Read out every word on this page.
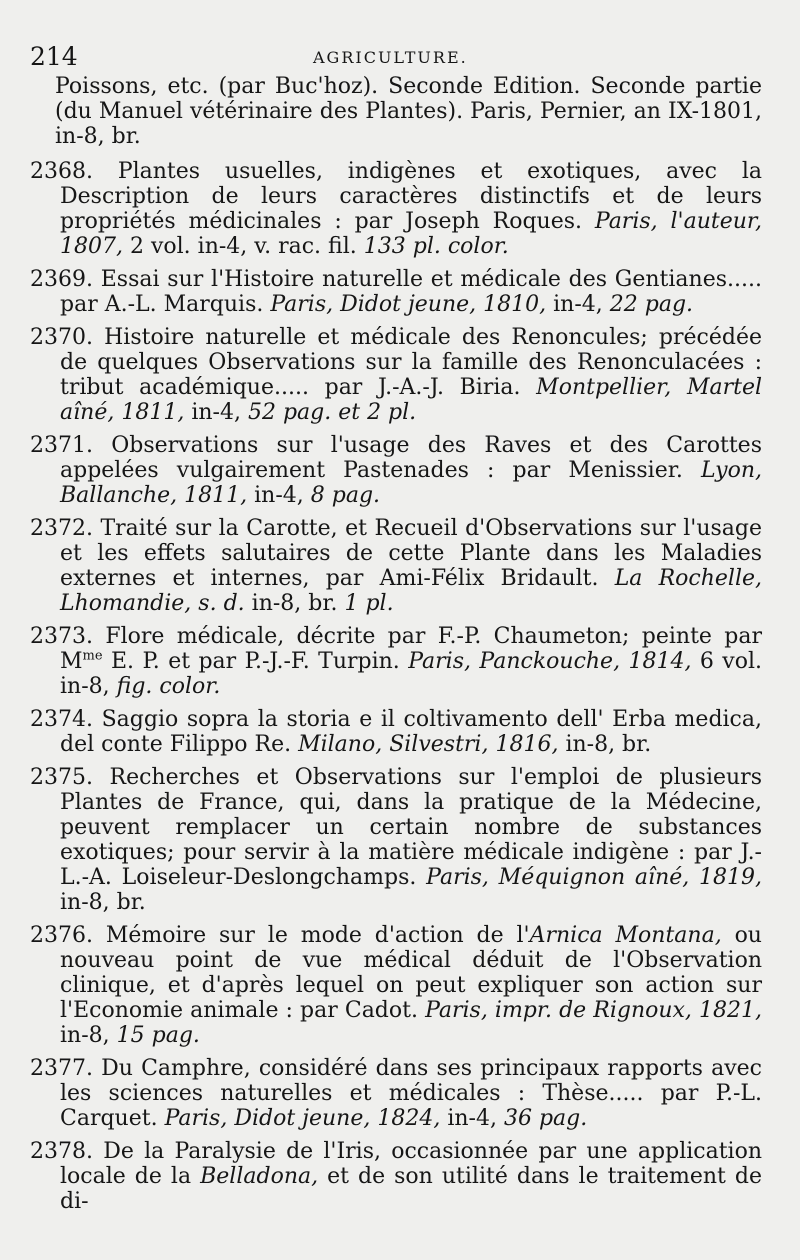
214	AGRICULTURE.

Poissons, etc. (par Buc'hoz). Seconde Edition. Seconde partie (du Manuel vétérinaire des Plantes). Paris, Pernier, an IX-1801, in-8, br.

2368. Plantes usuelles, indigènes et exotiques, avec la Description de leurs caractères distinctifs et de leurs propriétés médicinales : par Joseph Roques. Paris, l'auteur, 1807, 2 vol. in-4, v. rac. fil. 133 pl. color.

2369. Essai sur l'Histoire naturelle et médicale des Gentianes..... par A.-L. Marquis. Paris, Didot jeune, 1810, in-4, 22 pag.

2370. Histoire naturelle et médicale des Renoncules; précédée de quelques Observations sur la famille des Renonculacées : tribut académique..... par J.-A.-J. Biria. Montpellier, Martel aîné, 1811, in-4, 52 pag. et 2 pl.

2371. Observations sur l'usage des Raves et des Carottes appelées vulgairement Pastenades : par Menissier. Lyon, Ballanche, 1811, in-4, 8 pag.

2372. Traité sur la Carotte, et Recueil d'Observations sur l'usage et les effets salutaires de cette Plante dans les Maladies externes et internes, par Ami-Félix Bridault. La Rochelle, Lhomandie, s. d. in-8, br. 1 pl.

2373. Flore médicale, décrite par F.-P. Chaumeton; peinte par $M^{me}$ E. P. et par P.-J.-F. Turpin. Paris, Panckouche, 1814, 6 vol. in-8, fig. color.

2374. Saggio sopra la storia e il coltivamento dell' Erba medica, del conte Filippo Re. Milano, Silvestri, 1816, in-8, br.

2375. Recherches et Observations sur l'emploi de plusieurs Plantes de France, qui, dans la pratique de la Médecine, peuvent remplacer un certain nombre de substances exotiques; pour servir à la matière médicale indigène : par J.-L.-A. Loiseleur-Deslongchamps. Paris, Méquignon aîné, 1819, in-8, br.

2376. Mémoire sur le mode d'action de l'Arnica Montana, ou nouveau point de vue médical déduit de l'Observation clinique, et d'après lequel on peut expliquer son action sur l'Economie animale : par Cadot. Paris, impr. de Rignoux, 1821, in-8, 15 pag.

2377. Du Camphre, considéré dans ses principaux rapports avec les sciences naturelles et médicales : Thèse..... par P.-L. Carquet. Paris, Didot jeune, 1824, in-4, 36 pag.

2378. De la Paralysie de l'Iris, occasionnée par une application locale de la Belladona, et de son utilité dans le traitement de di-
